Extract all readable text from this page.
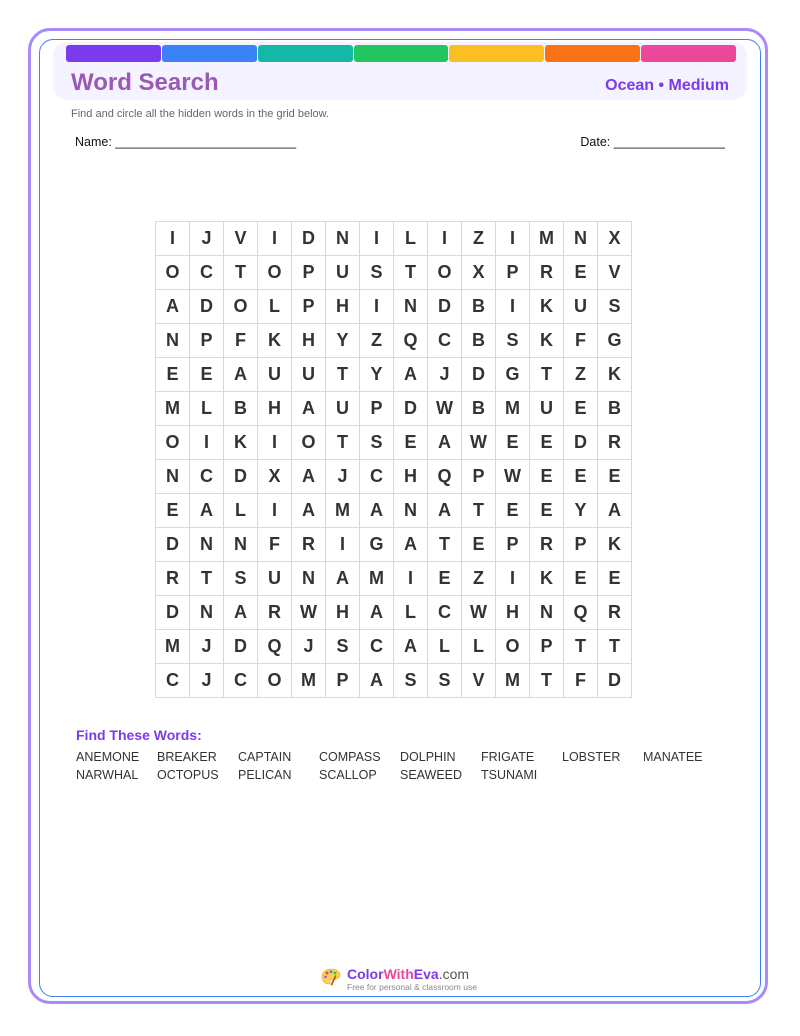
Word Search	Ocean • Medium
Find and circle all the hidden words in the grid below.
Name: __________________________	Date: ________________
I	J	V	I	D	N	I	L	I	Z	I	M	N	X
O	C	T	O	P	U	S	T	O	X	P	R	E	V
A	D	O	L	P	H	I	N	D	B	I	K	U	S
N	P	F	K	H	Y	Z	Q	C	B	S	K	F	G
E	E	A	U	U	T	Y	A	J	D	G	T	Z	K
M	L	B	H	A	U	P	D	W	B	M	U	E	B
O	I	K	I	O	T	S	E	A	W	E	E	D	R
N	C	D	X	A	J	C	H	Q	P	W	E	E	E
E	A	L	I	A	M	A	N	A	T	E	E	Y	A
D	N	N	F	R	I	G	A	T	E	P	R	P	K
R	T	S	U	N	A	M	I	E	Z	I	K	E	E
D	N	A	R	W	H	A	L	C	W	H	N	Q	R
M	J	D	Q	J	S	C	A	L	L	O	P	T	T
C	J	C	O	M	P	A	S	S	V	M	T	F	D
Find These Words:
ANEMONE	BREAKER	CAPTAIN	COMPASS	DOLPHIN	FRIGATE	LOBSTER	MANATEE
NARWHAL	OCTOPUS	PELICAN	SCALLOP	SEAWEED	TSUNAMI
ColorWithEva.com
Free for personal & classroom use
